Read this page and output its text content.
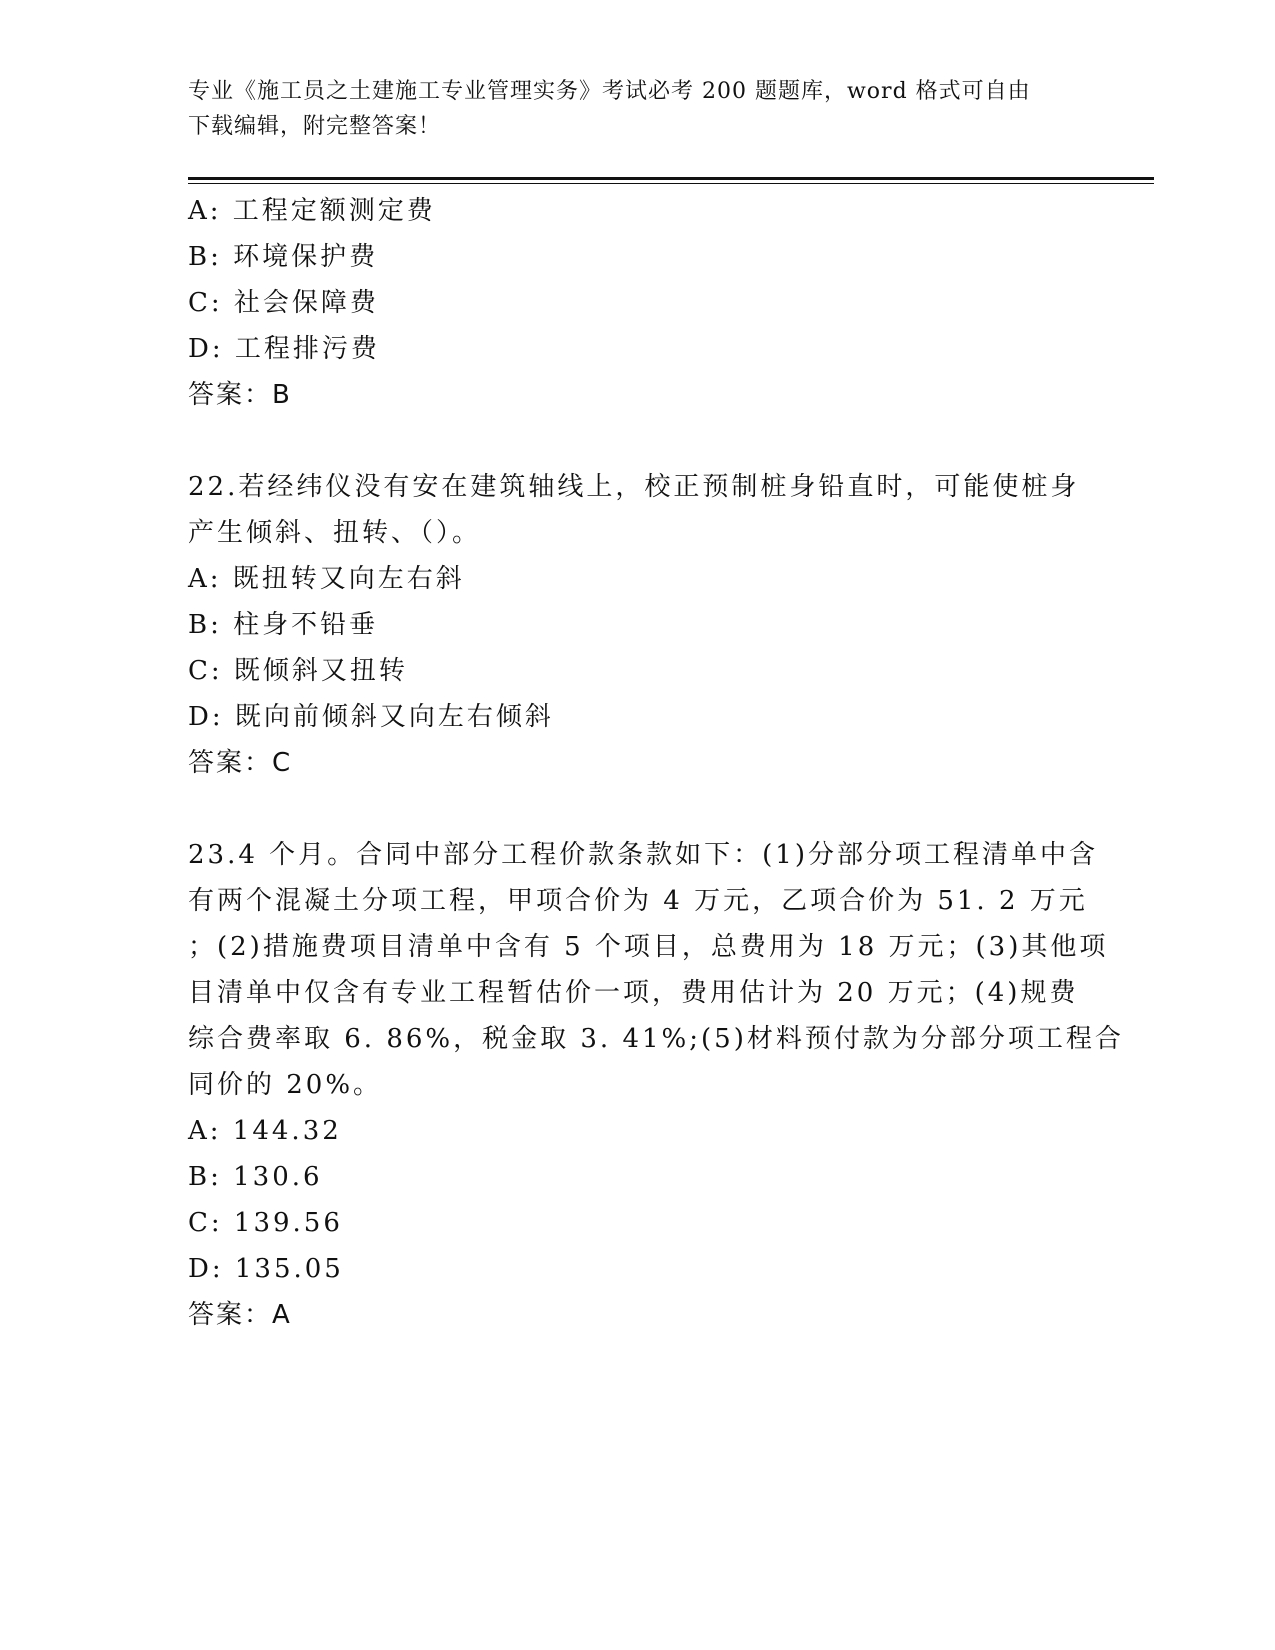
专业《施工员之土建施工专业管理实务》考试必考 200 题题库，word 格式可自由
下载编辑，附完整答案！
A: 工程定额测定费
B: 环境保护费
C: 社会保障费
D: 工程排污费
答案：B
22.若经纬仪没有安在建筑轴线上，校正预制桩身铅直时，可能使桩身
产生倾斜、扭转、（）。
A: 既扭转又向左右斜
B: 柱身不铅垂
C: 既倾斜又扭转
D: 既向前倾斜又向左右倾斜
答案：C
23.4 个月。合同中部分工程价款条款如下：(1)分部分项工程清单中含
有两个混凝土分项工程，甲项合价为 4 万元，乙项合价为 51. 2 万元
；(2)措施费项目清单中含有 5 个项目，总费用为 18 万元；(3)其他项
目清单中仅含有专业工程暂估价一项，费用估计为 20 万元；(4)规费
综合费率取 6. 86%，税金取 3. 41%;(5)材料预付款为分部分项工程合
同价的 20%。
A: 144.32
B: 130.6
C: 139.56
D: 135.05
答案：A
